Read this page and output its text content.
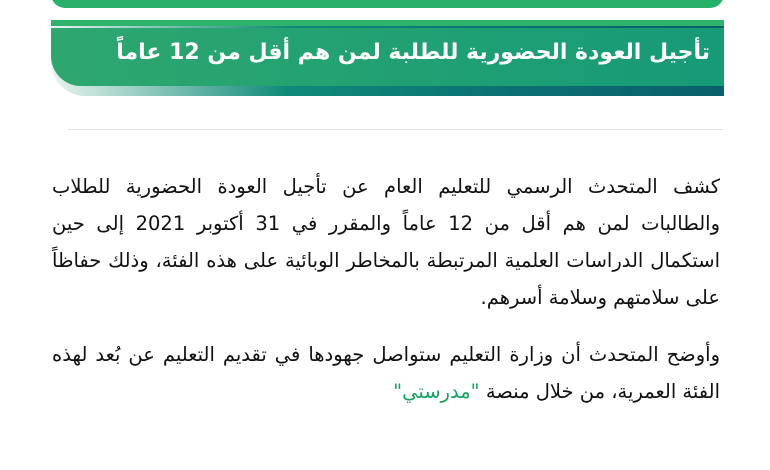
تأجيل العودة الحضورية للطلبة لمن هم أقل من 12 عاماً

كشف المتحدث الرسمي للتعليم العام عن تأجيل العودة الحضورية للطلاب والطالبات لمن هم أقل من 12 عاماً والمقرر في 31 أكتوبر 2021 إلى حين استكمال الدراسات العلمية المرتبطة بالمخاطر الوبائية على هذه الفئة، وذلك حفاظاً على سلامتهم وسلامة أسرهم.

وأوضح المتحدث أن وزارة التعليم ستواصل جهودها في تقديم التعليم عن بُعد لهذه الفئة العمرية، من خلال منصة "مدرستي"
